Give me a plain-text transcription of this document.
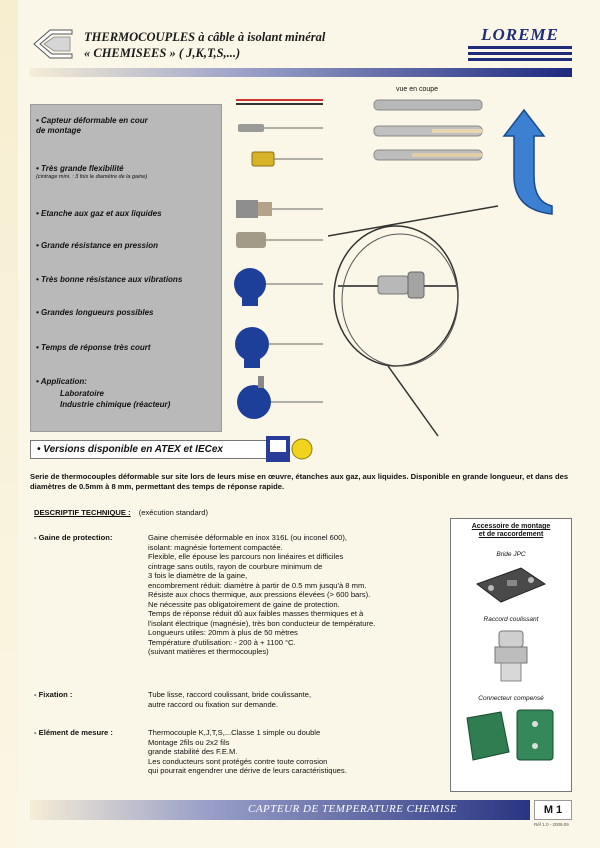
THERMOCOUPLES à câble à isolant minéral
« CHEMISEES » ( J,K,T,S,...)
LOREME
• Capteur déformable en cour de montage
• Très grande flexibilité
(cintrage mini. : 3 fois le diamètre de la gaine)
• Etanche aux gaz et aux liquides
• Grande résistance en pression
• Très bonne résistance aux vibrations
• Grandes longueurs possibles
• Temps de réponse très court
• Application:
Laboratoire
Industrie chimique (réacteur)
vue en coupe
• Versions disponible en ATEX et IECex
Serie de thermocouples déformable sur site lors de leurs mise en œuvre, étanches aux gaz, aux liquides. Disponible en grande longueur, et dans des diamètres de 0.5mm à 8 mm, permettant des temps de réponse rapide.
DESCRIPTIF TECHNIQUE : (exécution standard)
- Gaine de protection:	Gaine chemisée déformable en inox 316L (ou inconel 600),
isolant: magnésie fortement compactée.
Flexible, elle épouse les parcours non linéaires et difficiles
cintrage sans outils, rayon de courbure minimum de
3 fois le diamètre de la gaine,
encombrement réduit: diamètre à partir de 0.5 mm jusqu'à 8 mm.
Résiste aux chocs thermique, aux pressions élevées (> 600 bars).
Ne nécessite pas obligatoirement de gaine de protection.
Temps de réponse réduit dû aux faibles masses thermiques et à
l'isolant électrique (magnésie), très bon conducteur de température.
Longueurs utiles: 20mm à plus de 50 mètres
Température d'utilisation: - 200 à + 1100 °C.
(suivant matières et thermocouples)
- Fixation :	Tube lisse, raccord coulissant, bride coulissante,
autre raccord ou fixation sur demande.
- Elément de mesure :	Thermocouple K,J,T,S,...Classe 1 simple ou double
Montage 2fils ou 2x2 fils
grande stabilité des F.E.M.
Les conducteurs sont protégés contre toute corrosion
qui pourrait engendrer une dérive de leurs caractéristiques.
Accessoire de montage
et de raccordement
Bride JPC
Raccord coulissant
Connecteur compensé
CAPTEUR DE TEMPERATURE CHEMISE	M 1
Réf 1.0 - 2009.09
